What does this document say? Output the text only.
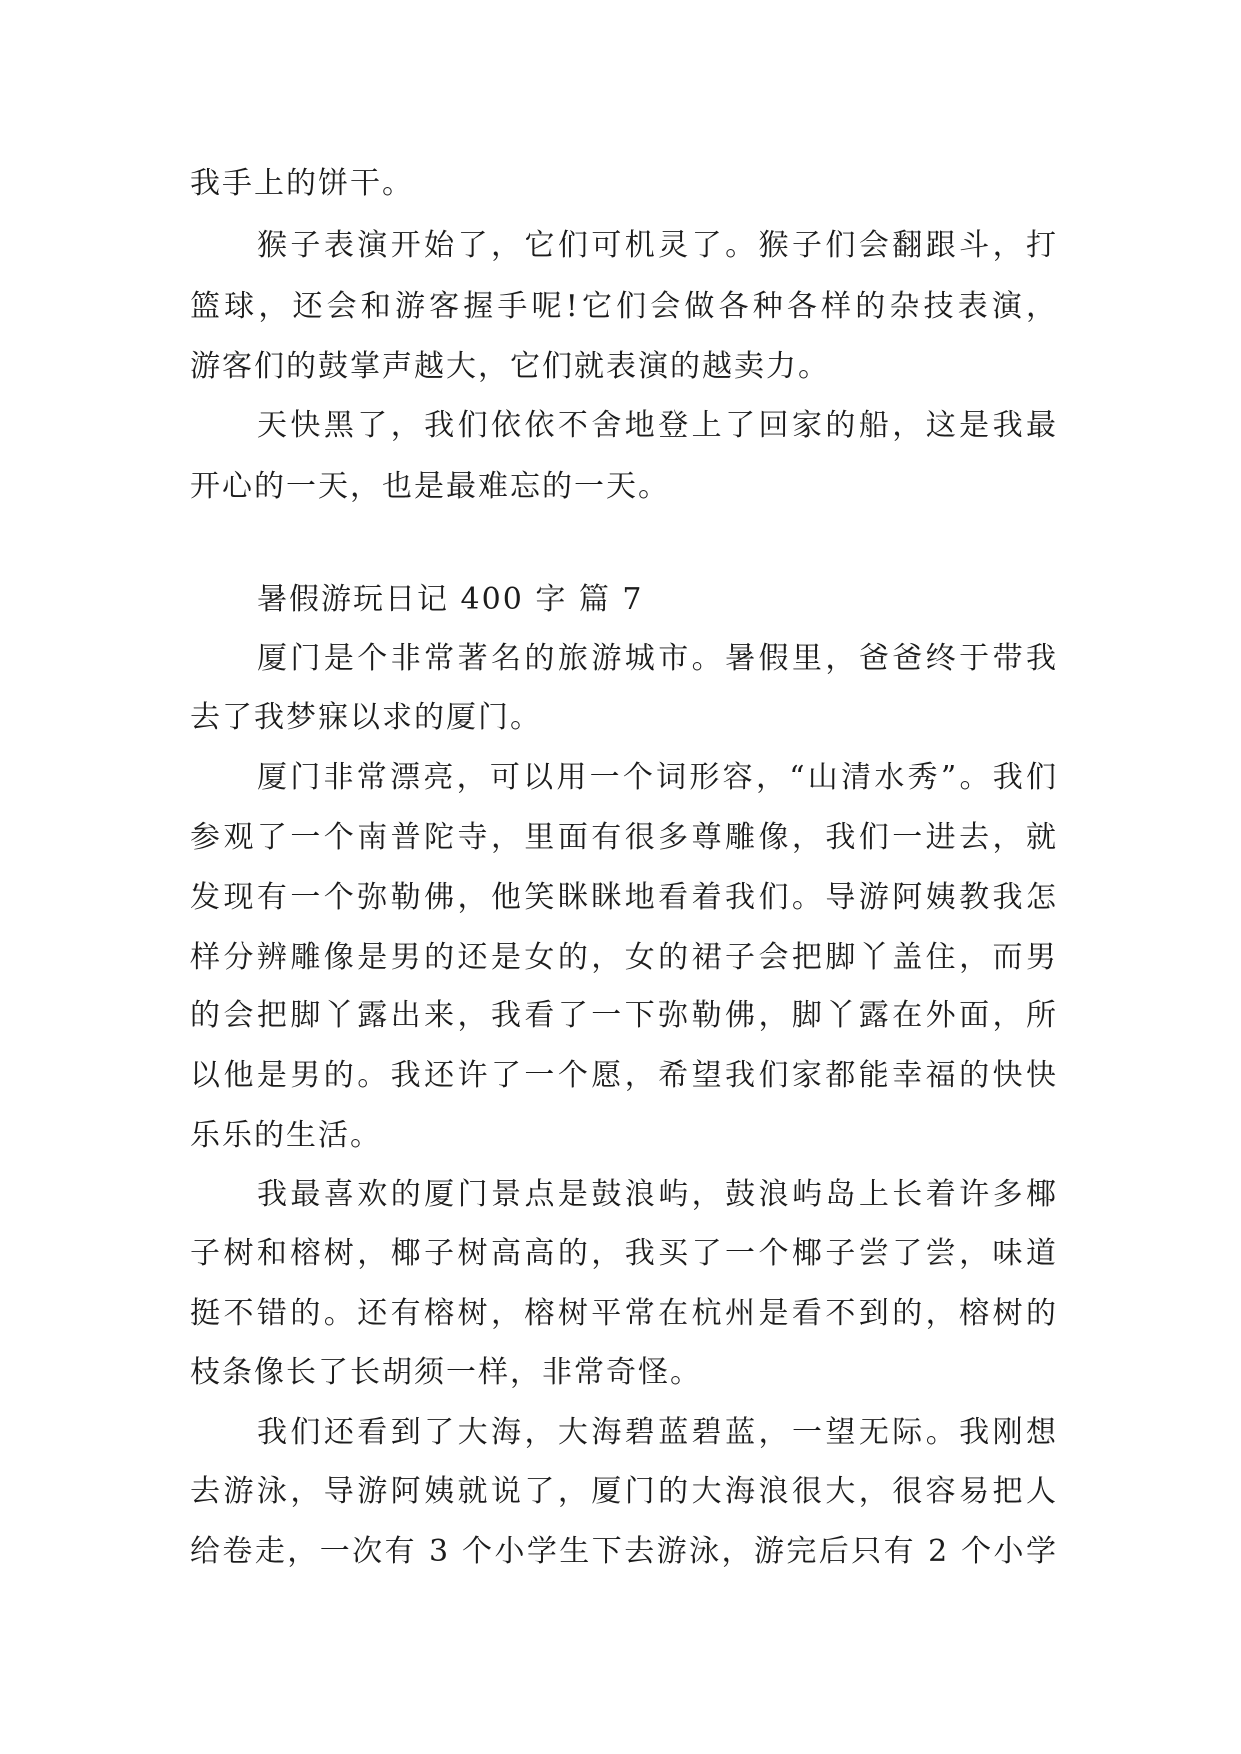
我手上的饼干。
猴子表演开始了，它们可机灵了。猴子们会翻跟斗，打
篮球，还会和游客握手呢!它们会做各种各样的杂技表演，
游客们的鼓掌声越大，它们就表演的越卖力。
天快黑了，我们依依不舍地登上了回家的船，这是我最
开心的一天，也是最难忘的一天。
暑假游玩日记 400 字 篇 7
厦门是个非常著名的旅游城市。暑假里，爸爸终于带我
去了我梦寐以求的厦门。
厦门非常漂亮，可以用一个词形容，“山清水秀”。我们
参观了一个南普陀寺，里面有很多尊雕像，我们一进去，就
发现有一个弥勒佛，他笑眯眯地看着我们。导游阿姨教我怎
样分辨雕像是男的还是女的，女的裙子会把脚丫盖住，而男
的会把脚丫露出来，我看了一下弥勒佛，脚丫露在外面，所
以他是男的。我还许了一个愿，希望我们家都能幸福的快快
乐乐的生活。
我最喜欢的厦门景点是鼓浪屿，鼓浪屿岛上长着许多椰
子树和榕树，椰子树高高的，我买了一个椰子尝了尝，味道
挺不错的。还有榕树，榕树平常在杭州是看不到的，榕树的
枝条像长了长胡须一样，非常奇怪。
我们还看到了大海，大海碧蓝碧蓝，一望无际。我刚想
去游泳，导游阿姨就说了，厦门的大海浪很大，很容易把人
给卷走，一次有 3 个小学生下去游泳，游完后只有 2 个小学
